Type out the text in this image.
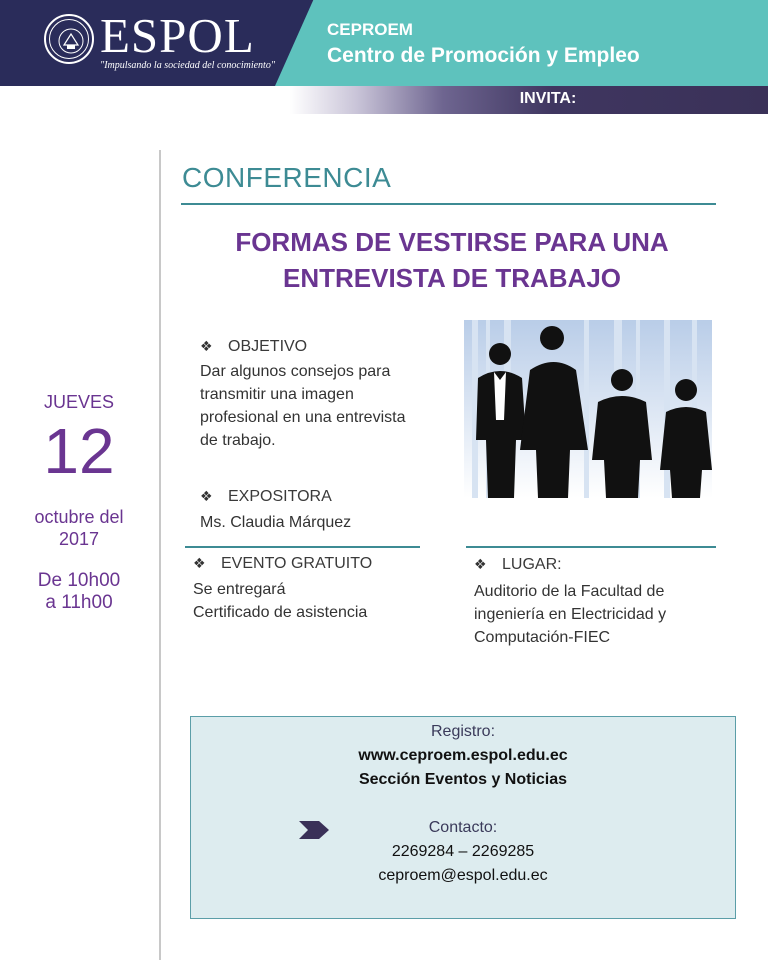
ESPOL
"Impulsando la sociedad del conocimiento"
CEPROEM
Centro de Promoción y Empleo
INVITA:
JUEVES
12
octubre del
2017
De 10h00
a 11h00
CONFERENCIA
FORMAS DE VESTIRSE PARA UNA
ENTREVISTA DE TRABAJO
❖ OBJETIVO
Dar algunos consejos para
transmitir una imagen
profesional en una entrevista
de trabajo.
❖ EXPOSITORA
Ms. Claudia Márquez
❖ EVENTO GRATUITO
Se entregará
Certificado de asistencia
❖ LUGAR:
Auditorio de la Facultad de
ingeniería en Electricidad y
Computación-FIEC
Registro:
www.ceproem.espol.edu.ec
Sección Eventos y Noticias
Contacto:
2269284 – 2269285
ceproem@espol.edu.ec
